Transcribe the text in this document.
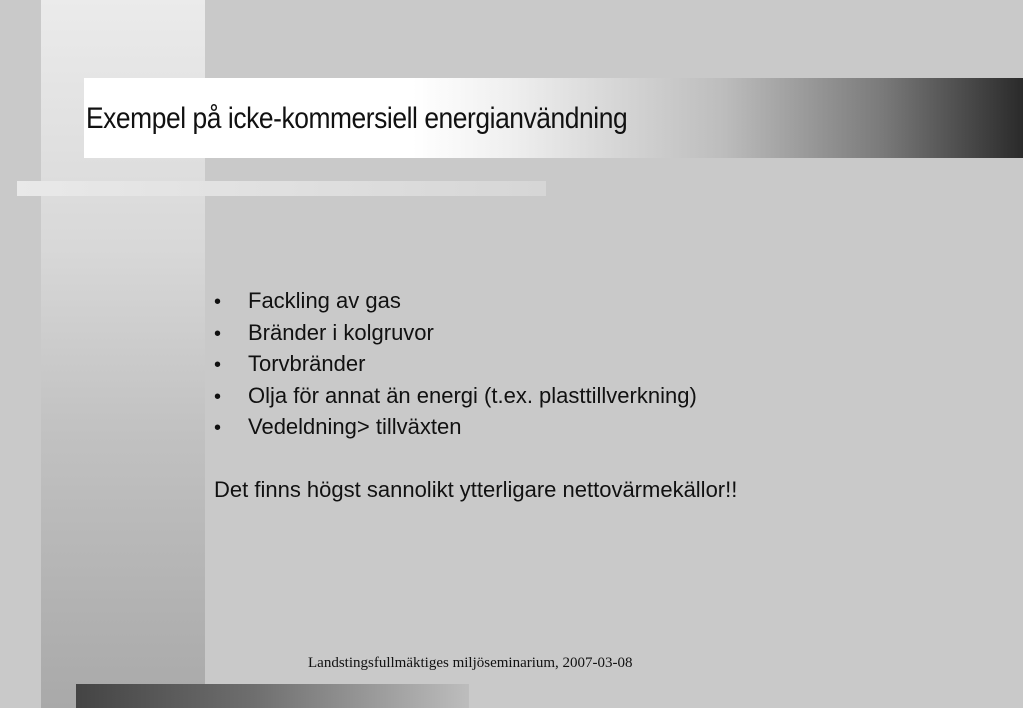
Exempel på icke-kommersiell energianvändning
•	Fackling av gas
•	Bränder i kolgruvor
•	Torvbränder
•	Olja för annat än energi (t.ex. plasttillverkning)
•	Vedeldning> tillväxten

Det finns högst sannolikt ytterligare nettovärmekällor!!

Landstingsfullmäktiges miljöseminarium, 2007-03-08
